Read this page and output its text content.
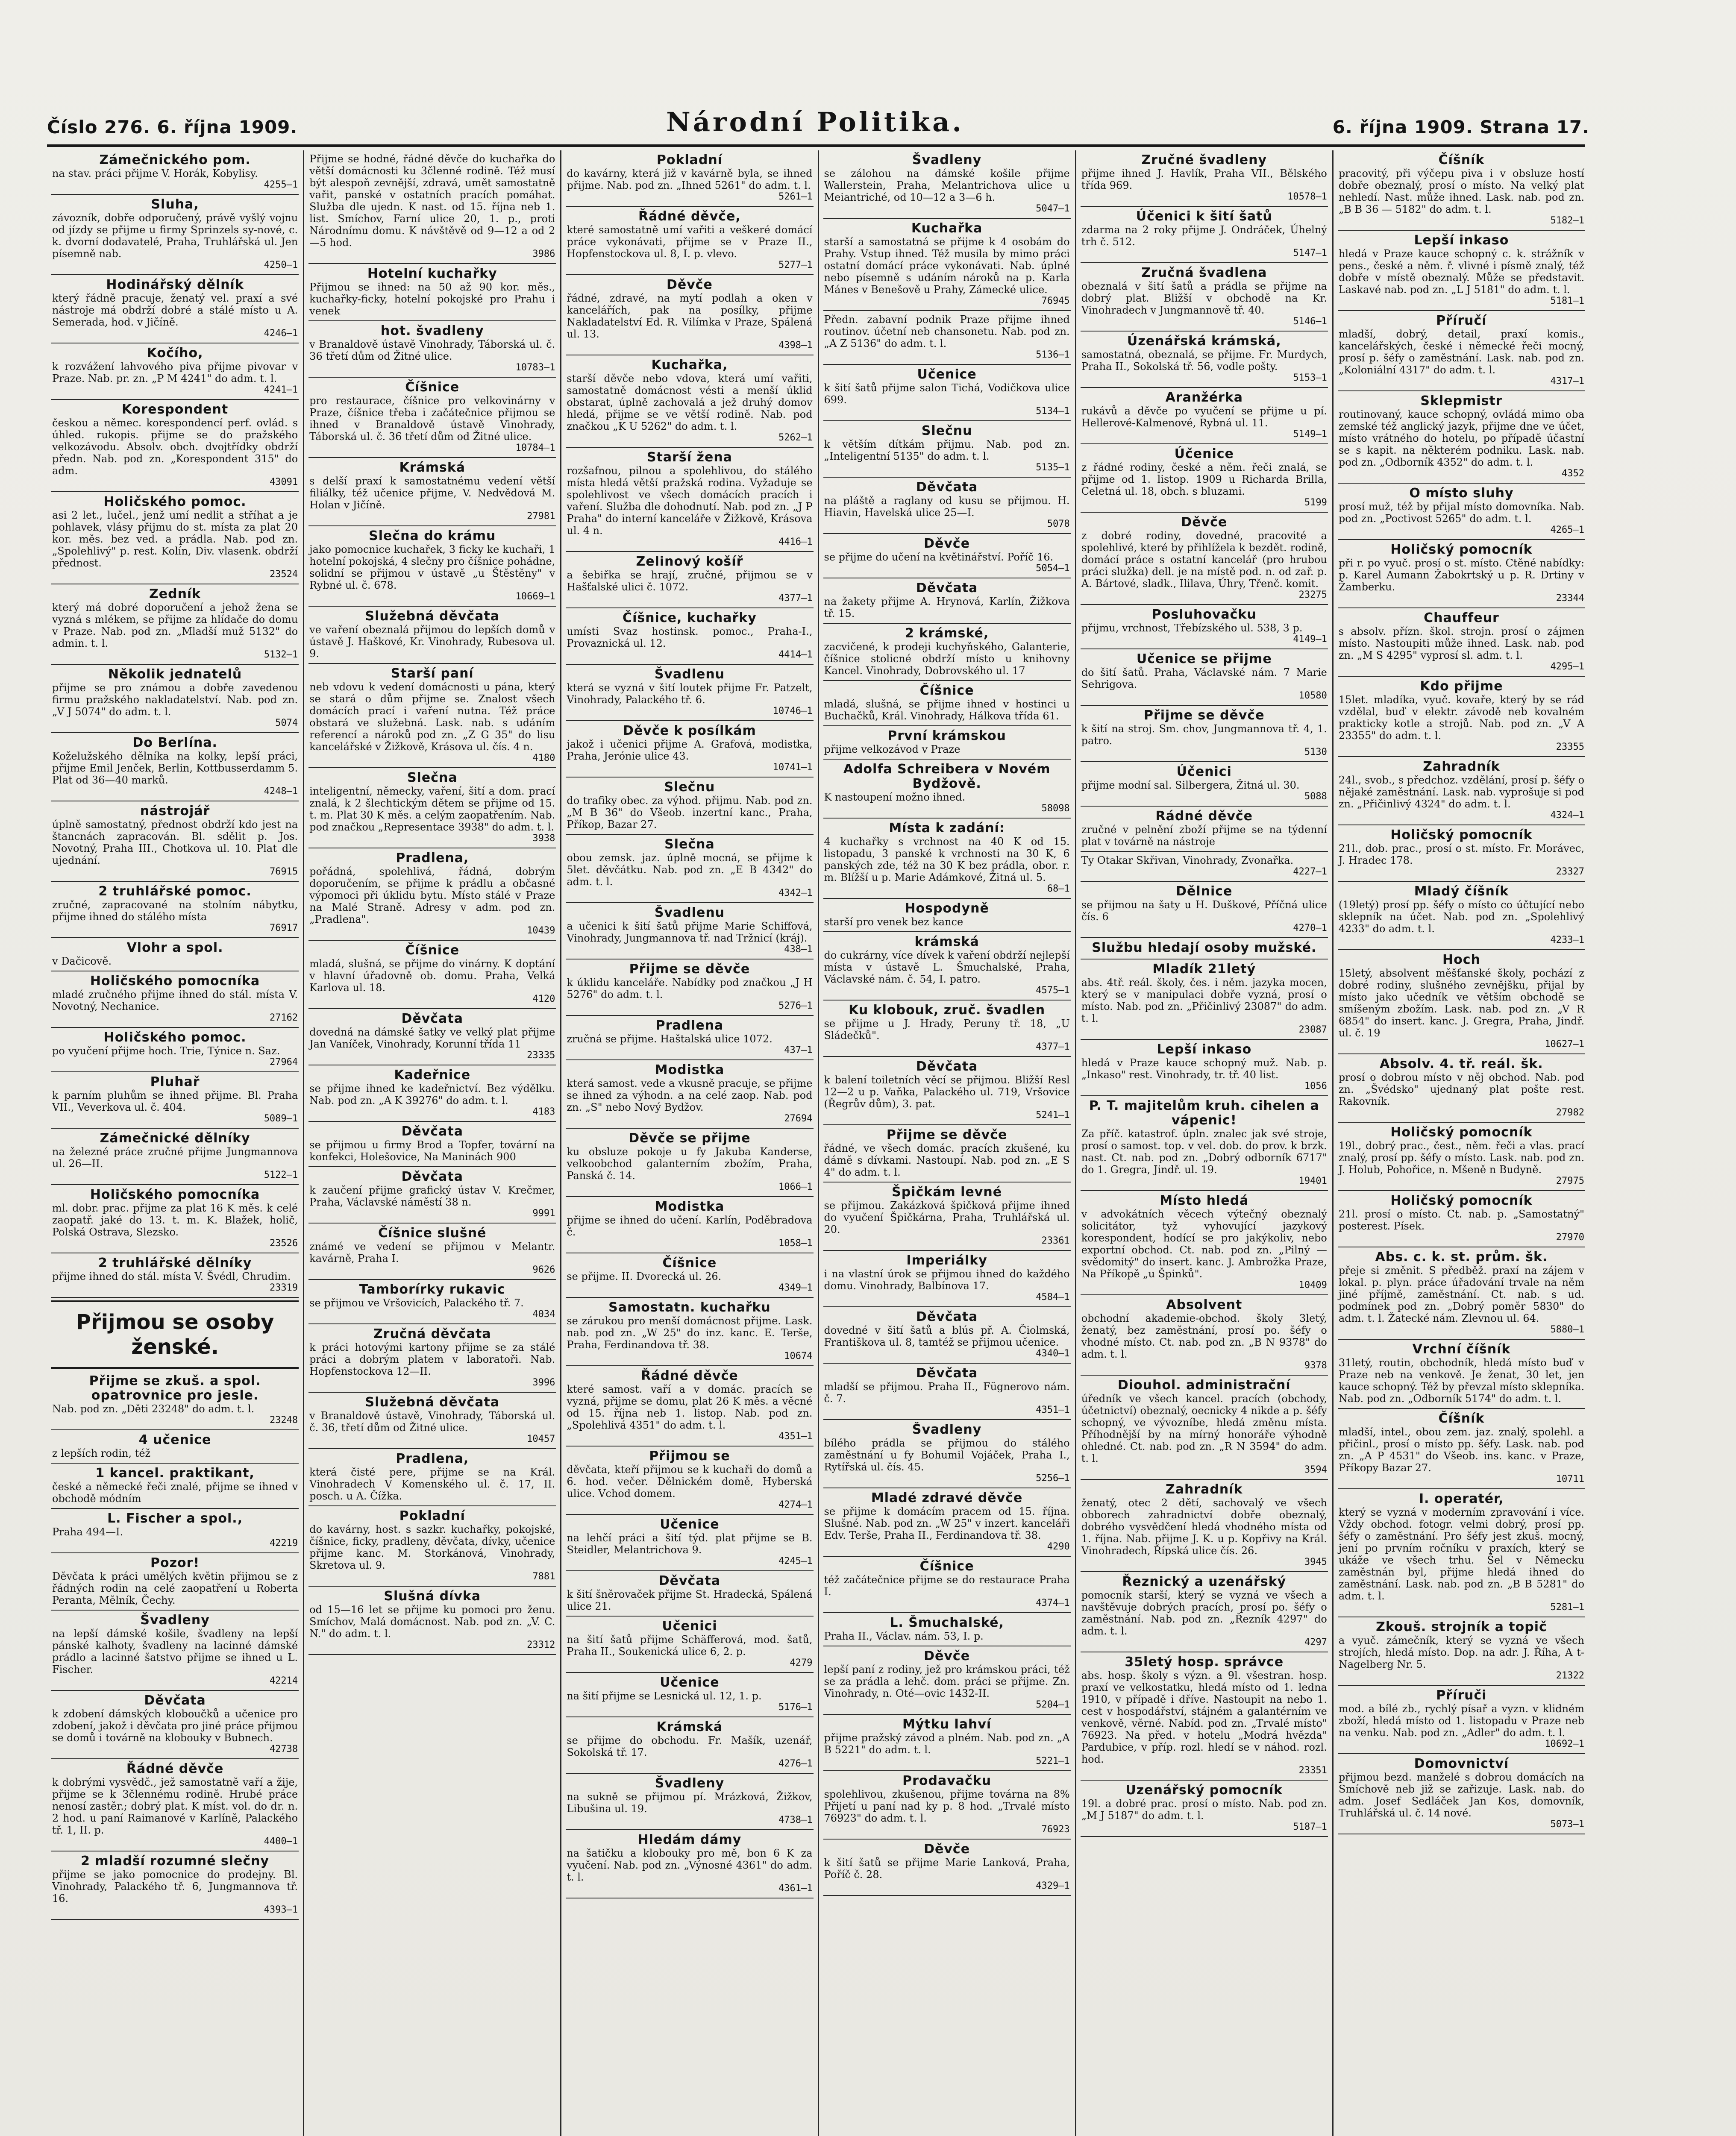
Číslo 276. 6. října 1909.	Národní Politika.	6. října 1909. Strana 17.
Zámečnického pom.
na stav. práci přijme V. Horák, Kobylisy.
4255—1
Sluha,
závozník, dobře odporučený, právě vyšlý vojnu od jízdy se přijme u firmy Sprinzels sy-nové, c. k. dvorní dodavatelé, Praha, Truhlářská ul. Jen písemně nab.
4250—1
Hodinářský dělník
který řádně pracuje, ženatý vel. praxí a své nástroje má obdrží dobré a stálé místo u A. Semerada, hod. v Jičíně.
4246—1
Kočího,
k rozvážení lahvového piva přijme pivovar v Praze. Nab. pr. zn. „P M 4241" do adm. t. l.
4241—1
Korespondent
českou a němec. korespondencí perf. ovlád. s úhled. rukopis. přijme se do pražského velkozávodu. Absolv. obch. dvojtřídky obdrží předn. Nab. pod zn. „Korespondent 315" do adm.
43091
Holičského pomoc.
asi 2 let., lučel., jenž umí nedlit a stříhat a je pohlavek, vlásy přijmu do st. místa za plat 20 kor. měs. bez ved. a prádla. Nab. pod zn. „Spolehlivý" p. rest. Kolín, Div. vlasenk. obdrží přednost.
23524
Zedník
který má dobré doporučení a jehož žena se vyzná s mlékem, se přijme za hlídače do domu v Praze. Nab. pod zn. „Mladší muž 5132" do admin. t. l.
5132—1
Několik jednatelů
přijme se pro známou a dobře zavedenou firmu pražského nakladatelství. Nab. pod zn. „V J 5074" do adm. t. l.
5074
Do Berlína.
Koželužského dělníka na kolky, lepší práci, přijme Emil Jenček, Berlin, Kottbusserdamm 5. Plat od 36—40 marků.
4248—1
nástrojář
úplně samostatný, přednost obdrží kdo jest na štancnách zapracován. Bl. sdělit p. Jos. Novotný, Praha III., Chotkova ul. 10. Plat dle ujednání.
76915
2 truhlářské pomoc.
zručné, zapracované na stolním nábytku, přijme ihned do stálého místa
76917
Vlohr a spol.
v Dačicově.
Holičského pomocníka
mladé zručného přijme ihned do stál. místa V. Novotný, Nechanice.
27162
Holičského pomoc.
po vyučení přijme hoch. Trie, Týnice n. Saz.
27964
Pluhař
k parním pluhům se ihned přijme. Bl. Praha VII., Veverkova ul. č. 404.
5089—1
Zámečnické dělníky
na železné práce zručné přijme Jungmannova ul. 26—II.
5122—1
Holičského pomocníka
ml. dobr. prac. přijme za plat 16 K měs. k celé zaopatř. jaké do 13. t. m. K. Blažek, holič, Polská Ostrava, Slezsko.
23526
2 truhlářské dělníky
přijme ihned do stál. místa V. Švédl, Chrudim.
23319
Přijmou se osoby ženské.
Přijme se zkuš. a spol. opatrovnice pro jesle.
Nab. pod zn. „Děti 23248" do adm. t. l.
23248
4 učenice
z lepších rodin, též
1 kancel. praktikant,
české a německé řeči znalé, přijme se ihned v obchodě módním
L. Fischer a spol.,
Praha 494—I.
42219
Pozor!
Děvčata k práci umělých květin přijmou se z řádných rodin na celé zaopatření u Roberta Peranta, Mělník, Čechy.
Švadleny
na lepší dámské košile, švadleny na lepší pánské kalhoty, švadleny na lacinné dámské prádlo a lacinné šatstvo přijme se ihned u L. Fischer.
42214
Děvčata
k zdobení dámských kloboučků a učenice pro zdobení, jakož i děvčata pro jiné práce přijmou se domů i továrně na klobouky v Bubnech.
42738
Řádné děvče
k dobrými vysvědč., jež samostatně vaří a žije, přijme se k 3člennému rodině. Hrubé práce nenosí zastěr.; dobrý plat. K míst. vol. do dr. n. 2 hod. u paní Raimanové v Karlíně, Palackého tř. 1, II. p.
4400—1
2 mladší rozumné slečny
přijme se jako pomocnice do prodejny. Bl. Vinohrady, Palackého tř. 6, Jungmannova tř. 16.
4393—1
Přijme se hodné, řádné děvče do kuchařka do větší domácnosti ku 3členné rodině. Též musí být alespoň zevnější, zdravá, umět samostatně vařit, panské v ostatních pracích pomáhat. Služba dle ujedn. K nast. od 15. října neb 1. list. Smíchov, Farní ulice 20, 1. p., proti Národnímu domu. K návštěvě od 9—12 a od 2—5 hod.
3986
Hotelní kuchařky
Přijmou se ihned: na 50 až 90 kor. měs., kuchařky-ficky, hotelní pokojské pro Prahu i venek
hot. švadleny
v Branaldově ústavě Vinohrady, Táborská ul. č. 36 třetí dům od Žitné ulice.
10783—1
Číšnice
pro restaurace, číšnice pro velkovinárny v Praze, číšnice třeba i začátečnice přijmou se ihned v Branaldově ústavě Vinohrady, Táborská ul. č. 36 třetí dům od Žitné ulice.
10784—1
Krámská
s delší praxí k samostatnému vedení větší filiálky, též učenice přijme, V. Nedvědová M. Holan v Jičíně.
27981
Slečna do krámu
jako pomocnice kuchařek, 3 ficky ke kuchaři, 1 hotelní pokojská, 4 slečny pro číšnice pohádne, solidní se přijmou v ústavě „u Štěstěny" v Rybné ul. č. 678.
10669—1
Služebná děvčata
ve vaření obeznalá přijmou do lepších domů v ústavě J. Haškové, Kr. Vinohrady, Rubesova ul. 9.
Starší paní
neb vdovu k vedení domácnosti u pána, který se stará o dům přijme se. Znalost všech domácích prací i vaření nutna. Též práce obstará ve služebná. Lask. nab. s udáním referencí a nároků pod zn. „Z G 35" do lisu kancelářské v Žižkově, Krásova ul. čís. 4 n.
4180
Slečna
inteligentní, německy, vaření, šití a dom. prací znalá, k 2 šlechtickým dětem se přijme od 15. t. m. Plat 30 K měs. a celým zaopatřením. Nab. pod značkou „Representace 3938" do adm. t. l.
3938
Pradlena,
pořádná, spolehlivá, řádná, dobrým doporučením, se přijme k prádlu a občasné výpomoci při úklidu bytu. Místo stálé v Praze na Malé Straně. Adresy v adm. pod zn. „Pradlena".
10439
Číšnice
mladá, slušná, se přijme do vinárny. K doptání v hlavní úřadovně ob. domu. Praha, Velká Karlova ul. 18.
4120
Děvčata
dovedná na dámské šatky ve velký plat přijme Jan Vaníček, Vinohrady, Korunní třída 11
23335
Kadeřnice
se přijme ihned ke kadeřnictví. Bez výdělku. Nab. pod zn. „A K 39276" do adm. t. l.
4183
Děvčata
se přijmou u firmy Brod a Topfer, tovární na konfekci, Holešovice, Na Maninách 900
Děvčata
k zaučení přijme grafický ústav V. Krečmer, Praha, Václavské náměstí 38 n.
9991
Číšnice slušné
známé ve vedení se přijmou v Melantr. kavárně, Praha I.
9626
Tamborírky rukavic
se přijmou ve Vršovicích, Palackého tř. 7.
4034
Zručná děvčata
k práci hotovými kartony přijme se za stálé práci a dobrým platem v laboratoři. Nab. Hopfenstockova 12—II.
3996
Služebná děvčata
v Branaldově ústavě, Vinohrady, Táborská ul. č. 36, třetí dům od Žitné ulice.
10457
Pradlena,
která čisté pere, přijme se na Král. Vinohradech V Komenského ul. č. 17, II. posch. u A. Čížka.
Pokladní
do kavárny, host. s sazkr. kuchařky, pokojské, číšnice, ficky, pradleny, děvčata, dívky, učenice přijme kanc. M. Storkánová, Vinohrady, Skretova ul. 9.
7881
Slušná dívka
od 15—16 let se přijme ku pomoci pro ženu. Smíchov, Malá domácnost. Nab. pod zn. „V. C. N." do adm. t. l.
23312
Pokladní
do kavárny, která již v kavárně byla, se ihned přijme. Nab. pod zn. „Ihned 5261" do adm. t. l.
5261—1
Řádné děvče,
které samostatně umí vařiti a veškeré domácí práce vykonávati, přijme se v Praze II., Hopfenstockova ul. 8, I. p. vlevo.
5277—1
Děvče
řádné, zdravé, na mytí podlah a oken v kancelářích, pak na posílky, přijme Nakladatelství Ed. R. Vilímka v Praze, Spálená ul. 13.
4398—1
Kuchařka,
starší děvče nebo vdova, která umí vařiti, samostatně domácnost vésti a menší úklid obstarat, úplně zachovalá a jež druhý domov hledá, přijme se ve větší rodině. Nab. pod značkou „K U 5262" do adm. t. l.
5262—1
Starší žena
rozšafnou, pilnou a spolehlivou, do stálého místa hledá větší pražská rodina. Vyžaduje se spolehlivost ve všech domácích pracích i vaření. Služba dle dohodnutí. Nab. pod zn. „J P Praha" do interní kanceláře v Žižkově, Krásova ul. 4 n.
4416—1
Zelinový košíř
a šebiřka se hrají, zručné, přijmou se v Hašťalské ulici č. 1072.
4377—1
Číšnice, kuchařky
umísti Svaz hostinsk. pomoc., Praha-I., Provaznická ul. 12.
4414—1
Švadlenu
která se vyzná v šití loutek přijme Fr. Patzelt, Vinohrady, Palackého tř. 6.
10746—1
Děvče k posílkám
jakož i učenici přijme A. Grafová, modistka, Praha, Jerónie ulice 43.
10741—1
Slečnu
do trafiky obec. za výhod. přijmu. Nab. pod zn. „M B 36" do Všeob. inzertní kanc., Praha, Příkop, Bazar 27.
Slečna
obou zemsk. jaz. úplně mocná, se přijme k 5let. děvčátku. Nab. pod zn. „E B 4342" do adm. t. l.
4342—1
Švadlenu
a učenici k šití šatů přijme Marie Schiffová, Vinohrady, Jungmannova tř. nad Tržnicí (kráj).
438—1
Přijme se děvče
k úklidu kanceláře. Nabídky pod značkou „J H 5276" do adm. t. l.
5276—1
Pradlena
zručná se přijme. Haštalská ulice 1072.
437—1
Modistka
která samost. vede a vkusně pracuje, se přijme se ihned za výhodn. a na celé zaop. Nab. pod zn. „S" nebo Nový Bydžov.
27694
Děvče se přijme
ku obsluze pokoje u fy Jakuba Kanderse, velkoobchod galanterním zbožím, Praha, Panská č. 14.
1066—1
Modistka
přijme se ihned do učení. Karlín, Poděbradova č.
1058—1
Číšnice
se přijme. II. Dvorecká ul. 26.
4349—1
Samostatn. kuchařku
se zárukou pro menší domácnost přijme. Lask. nab. pod zn. „W 25" do inz. kanc. E. Terše, Praha, Ferdinandova tř. 38.
10674
Řádné děvče
které samost. vaří a v domác. pracích se vyzná, přijme se domu, plat 26 K měs. a věcné od 15. října neb 1. listop. Nab. pod zn. „Spolehlivá 4351" do adm. t. l.
4351—1
Přijmou se
děvčata, kteří přijmou se k kuchaři do domů a 6. hod. večer. Dělnickém domě, Hyberská ulice. Vchod domem.
4274—1
Učenice
na lehčí práci a šití týd. plat přijme se B. Steidler, Melantrichova 9.
4245—1
Děvčata
k šití šněrovaček přijme St. Hradecká, Spálená ulice 21.
Učenici
na šití šatů přijme Schäfferová, mod. šatů, Praha II., Soukenická ulice 6, 2. p.
4279
Učenice
na šití přijme se Lesnická ul. 12, 1. p.
5176—1
Krámská
se přijme do obchodu. Fr. Mašík, uzenář, Sokolská tř. 17.
4276—1
Švadleny
na sukně se přijmou pí. Mrázková, Žižkov, Libušina ul. 19.
4738—1
Hledám dámy
na šatičku a klobouky pro mě, bon 6 K za vyučení. Nab. pod zn. „Výnosné 4361" do adm. t. l.
4361—1
Švadleny
se zálohou na dámské košile přijme Wallerstein, Praha, Melantrichova ulice u Meiantriché, od 10—12 a 3—6 h.
5047—1
Kuchařka
starší a samostatná se přijme k 4 osobám do Prahy. Vstup ihned. Též musila by mimo práci ostatní domácí práce vykonávati. Nab. úplné nebo písemně s udáním nároků na p. Karla Mánes v Benešově u Prahy, Zámecké ulice.
76945
Předn. zabavní podnik Praze přijme ihned routinov. účetní neb chansonetu. Nab. pod zn. „A Z 5136" do adm. t. l.
5136—1
Učenice
k šití šatů přijme salon Tichá, Vodičkova ulice 699.
5134—1
Slečnu
k větším dítkám přijmu. Nab. pod zn. „Inteligentní 5135" do adm. t. l.
5135—1
Děvčata
na pláště a raglany od kusu se přijmou. H. Hiavin, Havelská ulice 25—I.
5078
Děvče
se přijme do učení na květinářství. Poříč 16.
5054—1
Děvčata
na žakety přijme A. Hrynová, Karlín, Žižkova tř. 15.
2 krámské,
zacvičené, k prodeji kuchyňského, Galanterie, číšnice stolicné obdrží místo u knihovny Kancel. Vinohrady, Dobrovského ul. 17
Číšnice
mladá, slušná, se přijme ihned v hostinci u Buchačků, Král. Vinohrady, Hálkova třída 61.
První krámskou
přijme velkozávod v Praze
Adolfa Schreibera v Novém Bydžově.
K nastoupení možno ihned.
58098
Místa k zadání:
4 kuchařky s vrchnost na 40 K od 15. listopadu, 3 panské k vrchnosti na 30 K, 6 panských zde, též na 30 K bez prádla, obor. r. m. Blížší u p. Marie Adámkové, Žitná ul. 5.
68—1
Hospodyně
starší pro venek bez kance
krámská
do cukrárny, více dívek k vaření obdrží nejlepší místa v ústavě L. Šmuchalské, Praha, Václavské nám. č. 54, I. patro.
4575—1
Ku klobouk, zruč. švadlen
se přijme u J. Hrady, Peruny tř. 18, „U Sládečků".
4377—1
Děvčata
k balení toiletních věcí se přijmou. Bližší Resl 12—2 u p. Vaňka, Palackého ul. 719, Vršovice (Řegrův dům), 3. pat.
5241—1
Přijme se děvče
řádné, ve všech domác. pracích zkušené, ku dámě s dívkami. Nastoupí. Nab. pod zn. „E S 4" do adm. t. l.
Špičkám levné
se přijmou. Zakázková špičková přijme ihned do vyučení Špičkárna, Praha, Truhlářská ul. 20.
23361
Imperiálky
i na vlastní úrok se přijmou ihned do každého domu. Vinohrady, Balbínova 17.
4584—1
Děvčata
dovedné v šití šatů a blús př. A. Čiolmská, Františkova ul. 8, tamtéž se přijmou učenice.
4340—1
Děvčata
mladší se přijmou. Praha II., Fügnerovo nám. č. 7.
4351—1
Švadleny
bílého prádla se přijmou do stálého zaměstnání u fy Bohumil Vojáček, Praha I., Rytířská ul. čís. 45.
5256—1
Mladé zdravé děvče
se přijme k domácím pracem od 15. října. Slušné. Nab. pod zn. „W 25" v inzert. kanceláři Edv. Terše, Praha II., Ferdinandova tř. 38.
4290
Číšnice
též začátečnice přijme se do restaurace Praha I.
4374—1
L. Šmuchalské,
Praha II., Václav. nám. 53, I. p.
Děvče
lepší paní z rodiny, jež pro krámskou práci, též se za prádla a lehč. dom. práci se přijme. Zn. Vinohrady, n. Oté—ovic 1432-II.
5204—1
Mýtku lahví
přijme pražský závod a plném. Nab. pod zn. „A B 5221" do adm. t. l.
5221—1
Prodavačku
spolehlivou, zkušenou, přijme továrna na 8% Přijetí u paní nad ky p. 8 hod. „Trvalé místo 76923" do adm. t. l.
76923
Děvče
k šití šatů se přijme Marie Lanková, Praha, Poříč č. 28.
4329—1
Zručné švadleny
přijme ihned J. Havlík, Praha VII., Bělského třída 969.
10578—1
Účenici k šití šatů
zdarma na 2 roky přijme J. Ondráček, Úhelný trh č. 512.
5147—1
Zručná švadlena
obeznalá v šití šatů a prádla se přijme na dobrý plat. Bližší v obchodě na Kr. Vinohradech v Jungmannově tř. 40.
5146—1
Úzenářská krámská,
samostatná, obeznalá, se přijme. Fr. Murdych, Praha II., Sokolská tř. 56, vodle pošty.
5153—1
Aranžérka
rukávů a děvče po vyučení se přijme u pí. Hellerové-Kalmenové, Rybná ul. 11.
5149—1
Účenice
z řádné rodiny, české a něm. řeči znalá, se přijme od 1. listop. 1909 u Richarda Brilla, Celetná ul. 18, obch. s bluzami.
5199
Děvče
z dobré rodiny, dovedné, pracovité a spolehlivé, které by přihlížela k bezdět. rodině, domácí práce s ostatní kancelář (pro hrubou práci služka) dell. je na místě pod. n. od zař. p. A. Bártové, sladk., Ililava, Úhry, Třenč. komit.
23275
Posluhovačku
přijmu, vrchnost, Třebízského ul. 538, 3 p.
4149—1
Učenice se přijme
do šití šatů. Praha, Václavské nám. 7 Marie Sehrigova.
10580
Přijme se děvče
k šití na stroj. Sm. chov, Jungmannova tř. 4, 1. patro.
5130
Účenici
přijme modní sal. Silbergera, Žitná ul. 30.
5088
Rádné děvče
zručné v pelnění zboží přijme se na týdenní plat v továrně na nástroje
Ty Otakar Skřivan, Vinohrady, Zvonařka.
4227—1
Dělnice
se přijmou na šaty u H. Duškové, Příčná ulice čís. 6
4270—1
Službu hledají osoby mužské.
Mladík 21letý
abs. 4tř. reál. školy, čes. i něm. jazyka mocen, který se v manipulaci dobře vyzná, prosí o místo. Nab. pod zn. „Přičinlivý 23087" do adm. t. l.
23087
Lepší inkaso
hledá v Praze kauce schopný muž. Nab. p. „Inkaso" rest. Vinohrady, tr. tř. 40 list.
1056
P. T. majitelům kruh. cihelen a vápenic!
Za příč. katastrof. úpln. znalec jak své stroje, prosí o samost. top. v vel. dob. do prov. k brzk. nast. Ct. nab. pod zn. „Dobrý odborník 6717" do 1. Gregra, Jindř. ul. 19.
19401
Místo hledá
v advokátních věcech výtečný obeznalý solicitátor, tyž vyhovující jazykový korespondent, hodící se pro jakýkoliv, nebo exportní obchod. Ct. nab. pod zn. „Pilný — svědomitý" do insert. kanc. J. Ambrožka Praze, Na Příkopě „u Špinků".
10409
Absolvent
obchodní akademie-obchod. školy 3letý, ženatý, bez zaměstnání, prosí po. šéfy o vhodné místo. Ct. nab. pod zn. „B N 9378" do adm. t. l.
9378
Diouhol. administrační
úředník ve všech kancel. pracích (obchody, účetnictví) obeznalý, oecnicky 4 nikde a p. šéfy schopný, ve vývozníbe, hledá změnu místa. Příhodnější by na mírný honoráře výhodně ohledné. Ct. nab. pod zn. „R N 3594" do adm. t. l.
3594
Zahradník
ženatý, otec 2 dětí, sachovalý ve všech obborech zahradnictví dobře obeznalý, dobrého vysvědčení hledá vhodného místa od 1. října. Nab. přijme J. K. u p. Kopřivy na Král. Vinohradech, Řípská ulice čís. 26.
3945
Řeznický a uzenářský
pomocník starší, který se vyzná ve všech a navštěvuje dobrých pracích, prosí po. šéfy o zaměstnání. Nab. pod zn. „Řezník 4297" do adm. t. l.
4297
35letý hosp. správce
abs. hosp. školy s význ. a 9l. všestran. hosp. praxí ve velkostatku, hledá místo od 1. ledna 1910, v případě i dříve. Nastoupit na nebo 1. cest v hospodářství, stájném a galantérním ve venkově, věrné. Nabíd. pod zn. „Trvalé místo" 76923. Na před. v hotelu „Modrá hvězda" Pardubice, v příp. rozl. hledí se v náhod. rozl. hod.
23351
Uzenářský pomocník
19l. a dobré prac. prosí o místo. Nab. pod zn. „M J 5187" do adm. t. l.
5187—1
Číšník
pracovitý, při výčepu piva i v obsluze hostí dobře obeznalý, prosí o místo. Na velký plat nehledí. Nast. může ihned. Lask. nab. pod zn. „B B 36 — 5182" do adm. t. l.
5182—1
Lepší inkaso
hledá v Praze kauce schopný c. k. strážník v pens., české a něm. ř. vlivné i písmě znalý, též dobře v místě obeznalý. Může se představit. Laskavé nab. pod zn. „L J 5181" do adm. t. l.
5181—1
Příručí
mladší, dobrý, detail, praxí komis., kancelářských, české i německé řeči mocný, prosí p. šéfy o zaměstnání. Lask. nab. pod zn. „Koloniální 4317" do adm. t. l.
4317—1
Sklepmistr
routinovaný, kauce schopný, ovládá mimo oba zemské též anglický jazyk, přijme dne ve účet, místo vrátného do hotelu, po případě účastní se s kapit. na některém podniku. Lask. nab. pod zn. „Odborník 4352" do adm. t. l.
4352
O místo sluhy
prosí muž, též by přijal místo domovníka. Nab. pod zn. „Poctivost 5265" do adm. t. l.
4265—1
Holičský pomocník
při r. po vyuč. prosí o st. místo. Ctěné nabídky: p. Karel Aumann Žabokrtský u p. R. Drtiny v Žamberku.
23344
Chauffeur
s absolv. přízn. škol. strojn. prosí o zájmen místo. Nastoupiti může ihned. Lask. nab. pod zn. „M S 4295" vyprosí sl. adm. t. l.
4295—1
Kdo přijme
15let. mladíka, vyuč. kovaře, který by se rád vzdělal, buď v elektr. závodě neb kovalném prakticky kotle a strojů. Nab. pod zn. „V A 23355" do adm. t. l.
23355
Zahradník
24l., svob., s předchoz. vzdělání, prosí p. šéfy o nějaké zaměstnání. Lask. nab. vyprošuje si pod zn. „Přičinlivý 4324" do adm. t. l.
4324—1
Holičský pomocník
21l., dob. prac., prosí o st. místo. Fr. Morávec, J. Hradec 178.
23327
Mladý číšník
(19letý) prosí pp. šéfy o místo co účtující nebo sklepník na účet. Nab. pod zn. „Spolehlivý 4233" do adm. t. l.
4233—1
Hoch
15letý, absolvent měšťanské školy, pochází z dobré rodiny, slušného zevnějšku, přijal by místo jako učedník ve větším obchodě se smíšeným zbožím. Lask. nab. pod zn. „V R 6854" do insert. kanc. J. Gregra, Praha, Jindř. ul. č. 19
10627—1
Absolv. 4. tř. reál. šk.
prosí o dobrou místo v něj obchod. Nab. pod zn. „Švédsko" ujednaný plat pošte rest. Rakovník.
27982
Holičský pomocník
19l., dobrý prac., čest., něm. řeči a vlas. prací znalý, prosí pp. šéfy o místo. Lask. nab. pod zn. J. Holub, Pohořice, n. Mšeně n Budyně.
27975
Holičský pomocník
21l. prosí o místo. Ct. nab. p. „Samostatný" posterest. Písek.
27970
Abs. c. k. st. prům. šk.
přeje si změnit. S předběž. praxí na zájem v lokal. p. plyn. práce úřadování trvale na něm jiné příjmě, zaměstnání. Ct. nab. s ud. podmínek pod zn. „Dobrý poměr 5830" do adm. t. l. Žatecké nám. Zlevnou ul. 64.
5880—1
Vrchní číšník
31letý, routin, obchodník, hledá místo buď v Praze neb na venkově. Je ženat, 30 let, jen kauce schopný. Též by převzal místo sklepníka. Nab. pod zn. „Odborník 5174" do adm. t. l.
Číšník
mladší, intel., obou zem. jaz. znalý, spolehl. a přičinl., prosí o místo pp. šéfy. Lask. nab. pod zn. „A P 4531" do Všeob. ins. kanc. v Praze, Příkopy Bazar 27.
10711
I. operatér,
který se vyzná v moderním zpravování i více. Vždy obchod. fotogr. velmi dobrý, prosí pp. šéfy o zaměstnání. Pro šéfy jest zkuš. mocný, jení po prvním ročníku v praxích, který se ukáže ve všech trhu. Šel v Německu zaměstnán byl, přijme hledá ihned do zaměstnání. Lask. nab. pod zn. „B B 5281" do adm. t. l.
5281—1
Zkouš. strojník a topič
a vyuč. zámečník, který se vyzná ve všech strojích, hledá místo. Dop. na adr. J. Říha, A t-Nagelberg Nr. 5.
21322
Příruči
mod. a bílé zb., rychlý písař a vyzn. v klidném zboží, hledá místo od 1. listopadu v Praze neb na venku. Nab. pod zn. „Adler" do adm. t. l.
10692—1
Domovnictví
přijmou bezd. manželé s dobrou domácích na Smíchově neb již se zařizuje. Lask. nab. do adm. Josef Sedláček Jan Kos, domovník, Truhlářská ul. č. 14 nové.
5073—1
